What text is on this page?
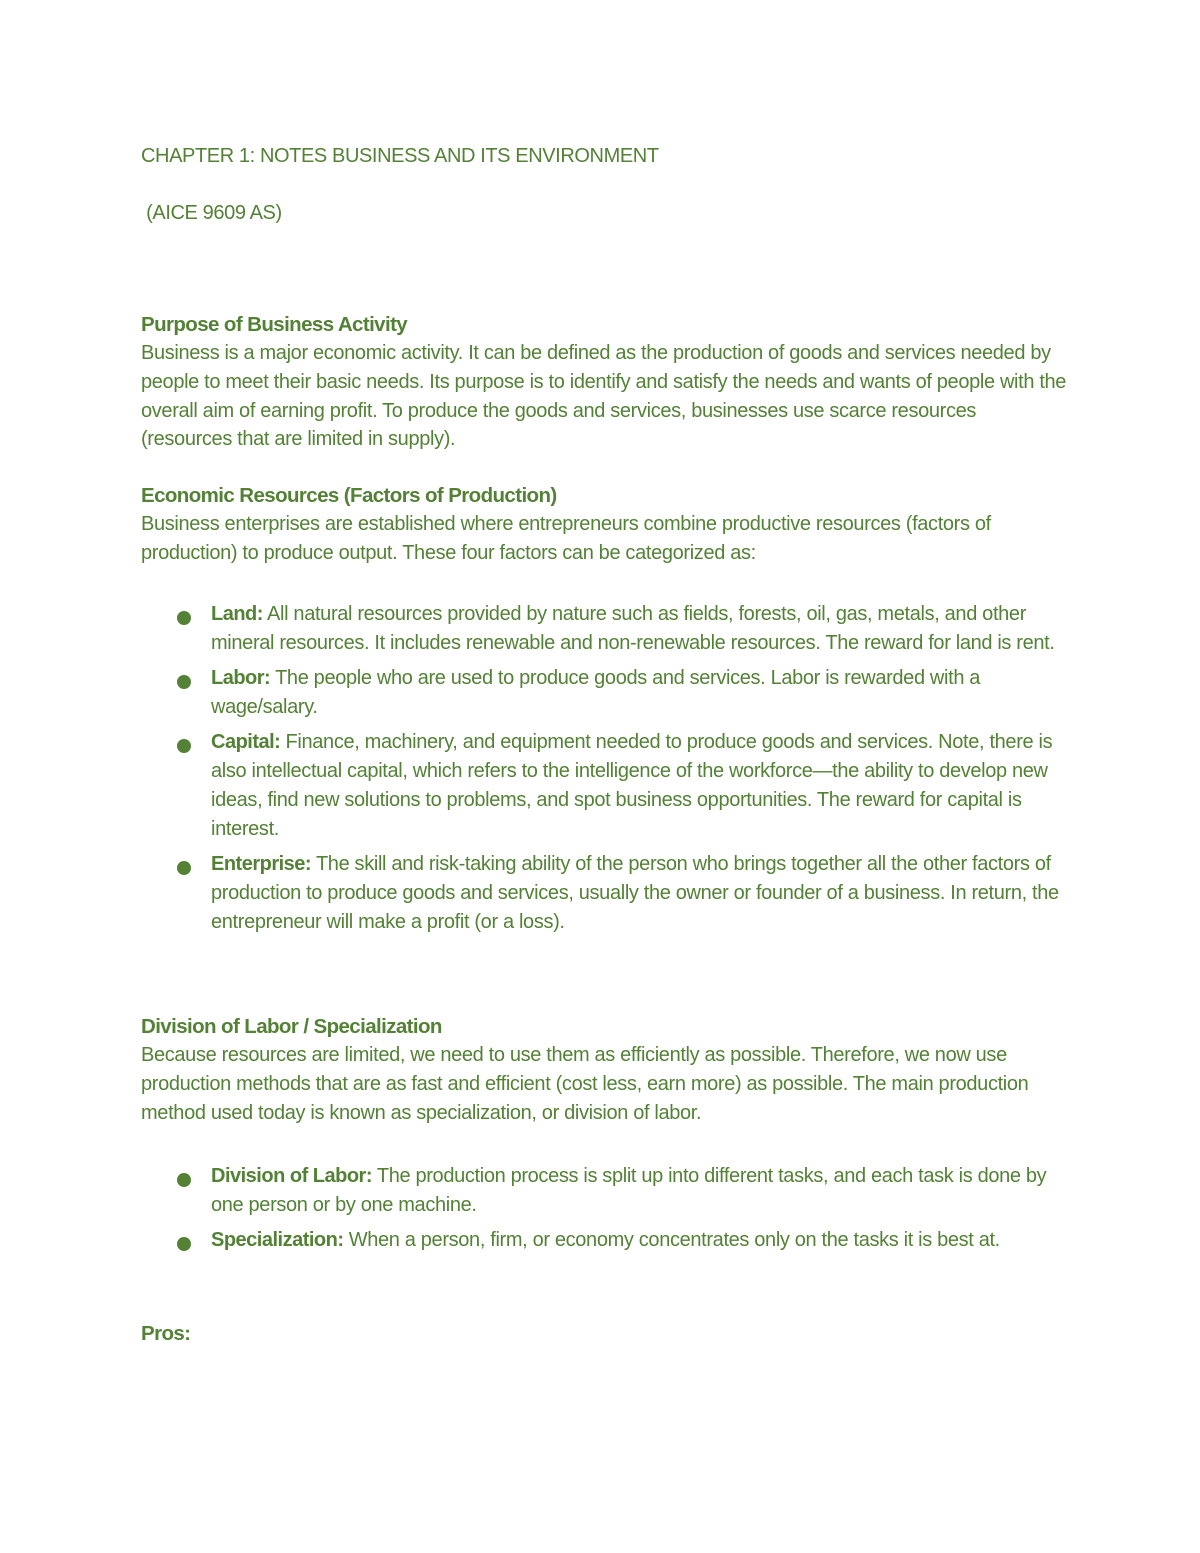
CHAPTER 1: NOTES BUSINESS AND ITS ENVIRONMENT
(AICE 9609 AS)
Purpose of Business Activity

Business is a major economic activity. It can be defined as the production of goods and services needed by people to meet their basic needs. Its purpose is to identify and satisfy the needs and wants of people with the overall aim of earning profit. To produce the goods and services, businesses use scarce resources (resources that are limited in supply).

Economic Resources (Factors of Production)

Business enterprises are established where entrepreneurs combine productive resources (factors of production) to produce output. These four factors can be categorized as:

Land: All natural resources provided by nature such as fields, forests, oil, gas, metals, and other mineral resources. It includes renewable and non-renewable resources. The reward for land is rent.
Labor: The people who are used to produce goods and services. Labor is rewarded with a wage/salary.
Capital: Finance, machinery, and equipment needed to produce goods and services. Note, there is also intellectual capital, which refers to the intelligence of the workforce—the ability to develop new ideas, find new solutions to problems, and spot business opportunities. The reward for capital is interest.
Enterprise: The skill and risk-taking ability of the person who brings together all the other factors of production to produce goods and services, usually the owner or founder of a business. In return, the entrepreneur will make a profit (or a loss).
Division of Labor / Specialization

Because resources are limited, we need to use them as efficiently as possible. Therefore, we now use production methods that are as fast and efficient (cost less, earn more) as possible. The main production method used today is known as specialization, or division of labor.

Division of Labor: The production process is split up into different tasks, and each task is done by one person or by one machine.
Specialization: When a person, firm, or economy concentrates only on the tasks it is best at.
Pros:
